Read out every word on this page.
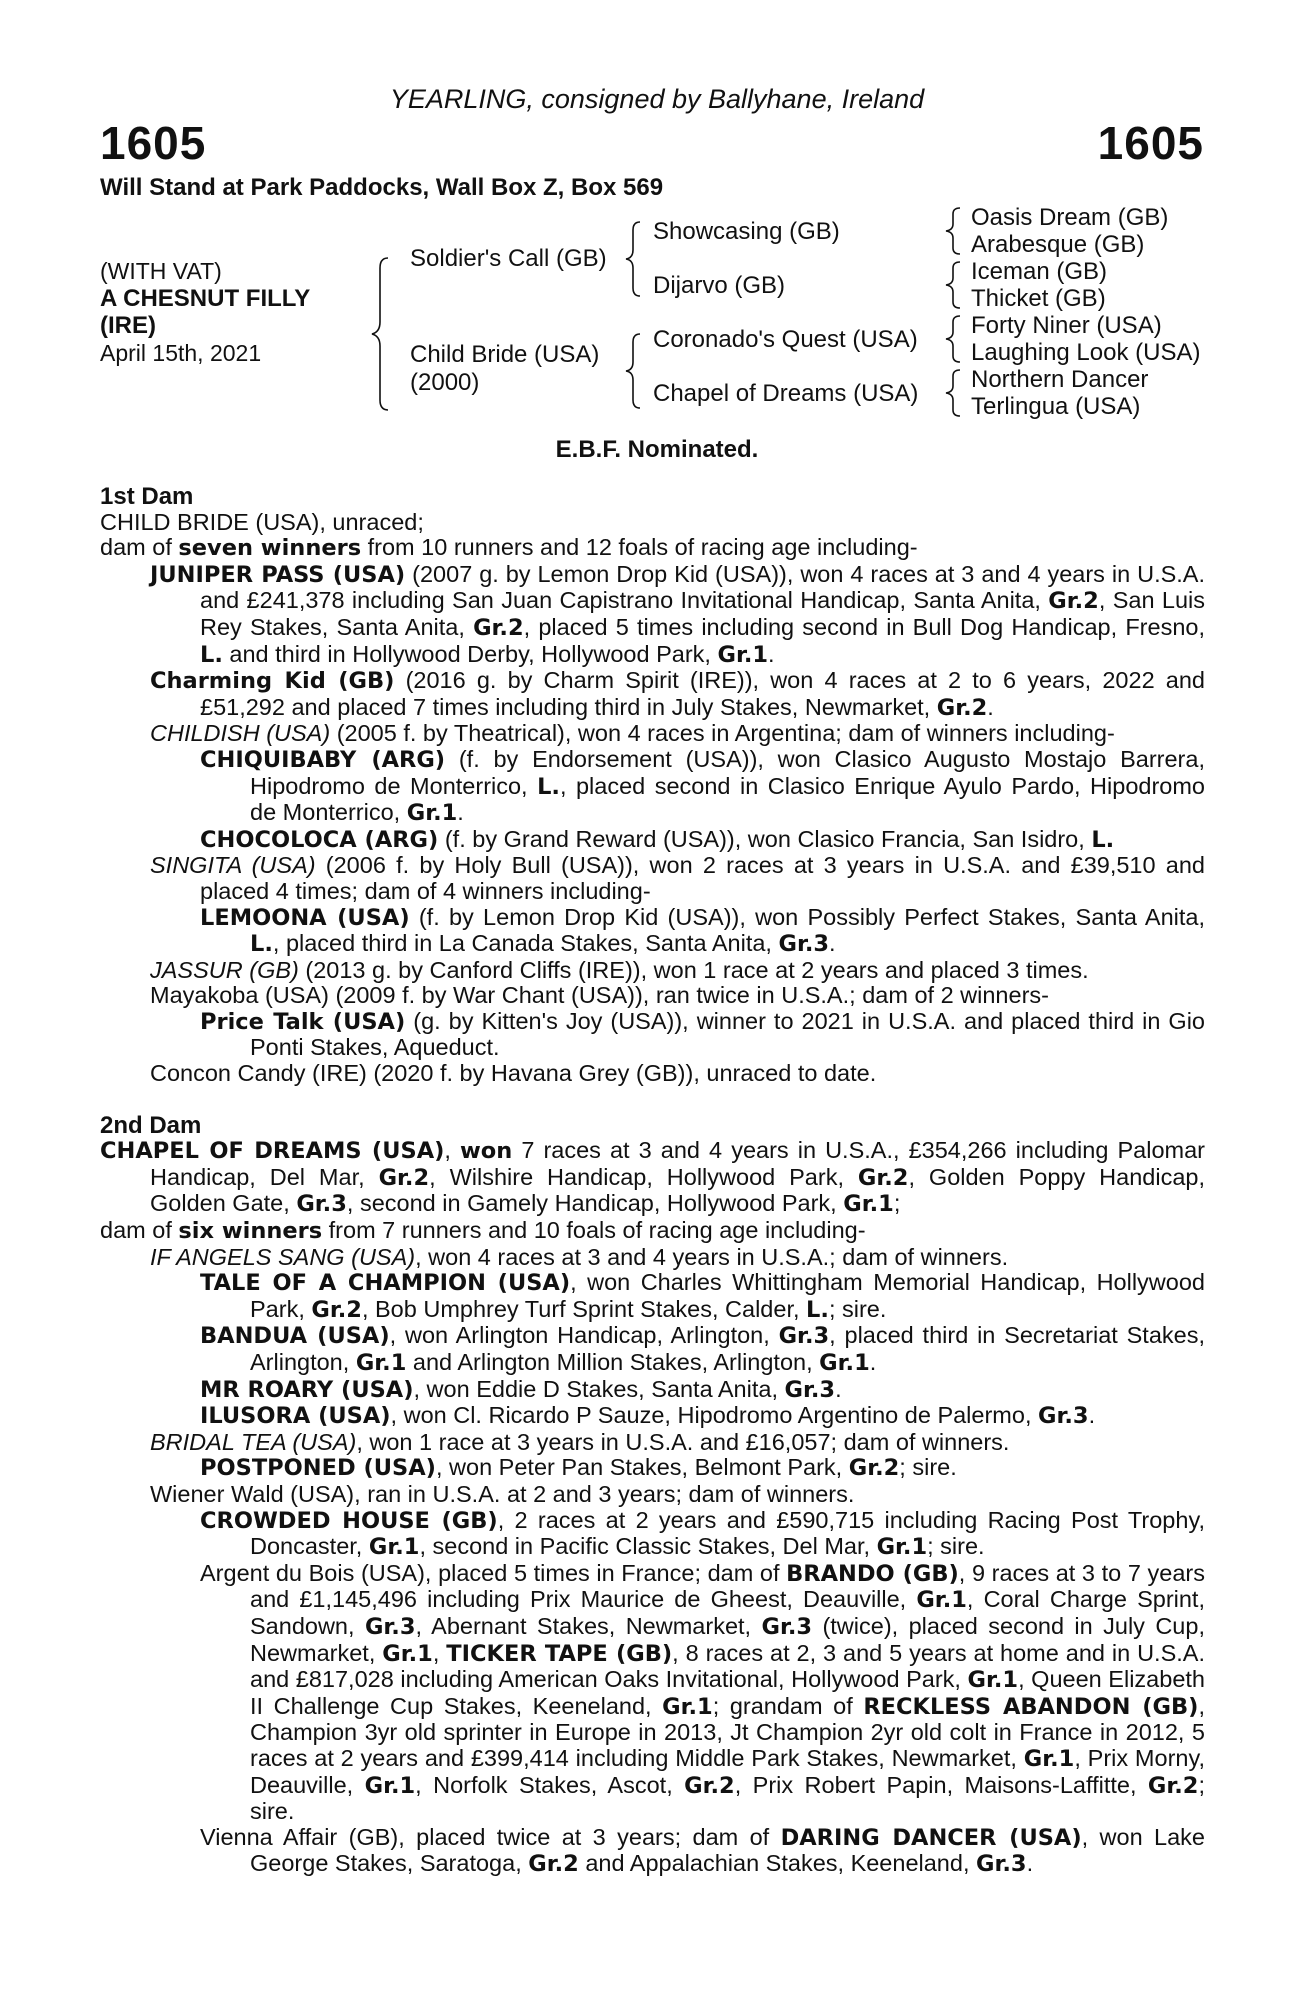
YEARLING, consigned by Ballyhane, Ireland
1605	1605
Will Stand at Park Paddocks, Wall Box Z, Box 569
(WITH VAT)
A CHESNUT FILLY
(IRE)
April 15th, 2021
Soldier's Call (GB)
Child Bride (USA)
(2000)
Showcasing (GB)
Dijarvo (GB)
Coronado's Quest (USA)
Chapel of Dreams (USA)
Oasis Dream (GB)
Arabesque (GB)
Iceman (GB)
Thicket (GB)
Forty Niner (USA)
Laughing Look (USA)
Northern Dancer
Terlingua (USA)
E.B.F. Nominated.

1st Dam

CHILD BRIDE (USA), unraced;

dam of seven winners from 10 runners and 12 foals of racing age including-

JUNIPER PASS (USA) (2007 g. by Lemon Drop Kid (USA)), won 4 races at 3 and 4 years in U.S.A. and £241,378 including San Juan Capistrano Invitational Handicap, Santa Anita, Gr.2, San Luis Rey Stakes, Santa Anita, Gr.2, placed 5 times including second in Bull Dog Handicap, Fresno, L. and third in Hollywood Derby, Hollywood Park, Gr.1.

Charming Kid (GB) (2016 g. by Charm Spirit (IRE)), won 4 races at 2 to 6 years, 2022 and £51,292 and placed 7 times including third in July Stakes, Newmarket, Gr.2.

CHILDISH (USA) (2005 f. by Theatrical), won 4 races in Argentina; dam of winners including-

CHIQUIBABY (ARG) (f. by Endorsement (USA)), won Clasico Augusto Mostajo Barrera, Hipodromo de Monterrico, L., placed second in Clasico Enrique Ayulo Pardo, Hipodromo de Monterrico, Gr.1.

CHOCOLOCA (ARG) (f. by Grand Reward (USA)), won Clasico Francia, San Isidro, L.

SINGITA (USA) (2006 f. by Holy Bull (USA)), won 2 races at 3 years in U.S.A. and £39,510 and placed 4 times; dam of 4 winners including-

LEMOONA (USA) (f. by Lemon Drop Kid (USA)), won Possibly Perfect Stakes, Santa Anita, L., placed third in La Canada Stakes, Santa Anita, Gr.3.

JASSUR (GB) (2013 g. by Canford Cliffs (IRE)), won 1 race at 2 years and placed 3 times.

Mayakoba (USA) (2009 f. by War Chant (USA)), ran twice in U.S.A.; dam of 2 winners-

Price Talk (USA) (g. by Kitten's Joy (USA)), winner to 2021 in U.S.A. and placed third in Gio Ponti Stakes, Aqueduct.

Concon Candy (IRE) (2020 f. by Havana Grey (GB)), unraced to date.

2nd Dam

CHAPEL OF DREAMS (USA), won 7 races at 3 and 4 years in U.S.A., £354,266 including Palomar Handicap, Del Mar, Gr.2, Wilshire Handicap, Hollywood Park, Gr.2, Golden Poppy Handicap, Golden Gate, Gr.3, second in Gamely Handicap, Hollywood Park, Gr.1;

dam of six winners from 7 runners and 10 foals of racing age including-

IF ANGELS SANG (USA), won 4 races at 3 and 4 years in U.S.A.; dam of winners.

TALE OF A CHAMPION (USA), won Charles Whittingham Memorial Handicap, Hollywood Park, Gr.2, Bob Umphrey Turf Sprint Stakes, Calder, L.; sire.

BANDUA (USA), won Arlington Handicap, Arlington, Gr.3, placed third in Secretariat Stakes, Arlington, Gr.1 and Arlington Million Stakes, Arlington, Gr.1.

MR ROARY (USA), won Eddie D Stakes, Santa Anita, Gr.3.

ILUSORA (USA), won Cl. Ricardo P Sauze, Hipodromo Argentino de Palermo, Gr.3.

BRIDAL TEA (USA), won 1 race at 3 years in U.S.A. and £16,057; dam of winners.

POSTPONED (USA), won Peter Pan Stakes, Belmont Park, Gr.2; sire.

Wiener Wald (USA), ran in U.S.A. at 2 and 3 years; dam of winners.

CROWDED HOUSE (GB), 2 races at 2 years and £590,715 including Racing Post Trophy, Doncaster, Gr.1, second in Pacific Classic Stakes, Del Mar, Gr.1; sire.

Argent du Bois (USA), placed 5 times in France; dam of BRANDO (GB), 9 races at 3 to 7 years and £1,145,496 including Prix Maurice de Gheest, Deauville, Gr.1, Coral Charge Sprint, Sandown, Gr.3, Abernant Stakes, Newmarket, Gr.3 (twice), placed second in July Cup, Newmarket, Gr.1, TICKER TAPE (GB), 8 races at 2, 3 and 5 years at home and in U.S.A. and £817,028 including American Oaks Invitational, Hollywood Park, Gr.1, Queen Elizabeth II Challenge Cup Stakes, Keeneland, Gr.1; grandam of RECKLESS ABANDON (GB), Champion 3yr old sprinter in Europe in 2013, Jt Champion 2yr old colt in France in 2012, 5 races at 2 years and £399,414 including Middle Park Stakes, Newmarket, Gr.1, Prix Morny, Deauville, Gr.1, Norfolk Stakes, Ascot, Gr.2, Prix Robert Papin, Maisons-Laffitte, Gr.2; sire.

Vienna Affair (GB), placed twice at 3 years; dam of DARING DANCER (USA), won Lake George Stakes, Saratoga, Gr.2 and Appalachian Stakes, Keeneland, Gr.3.
